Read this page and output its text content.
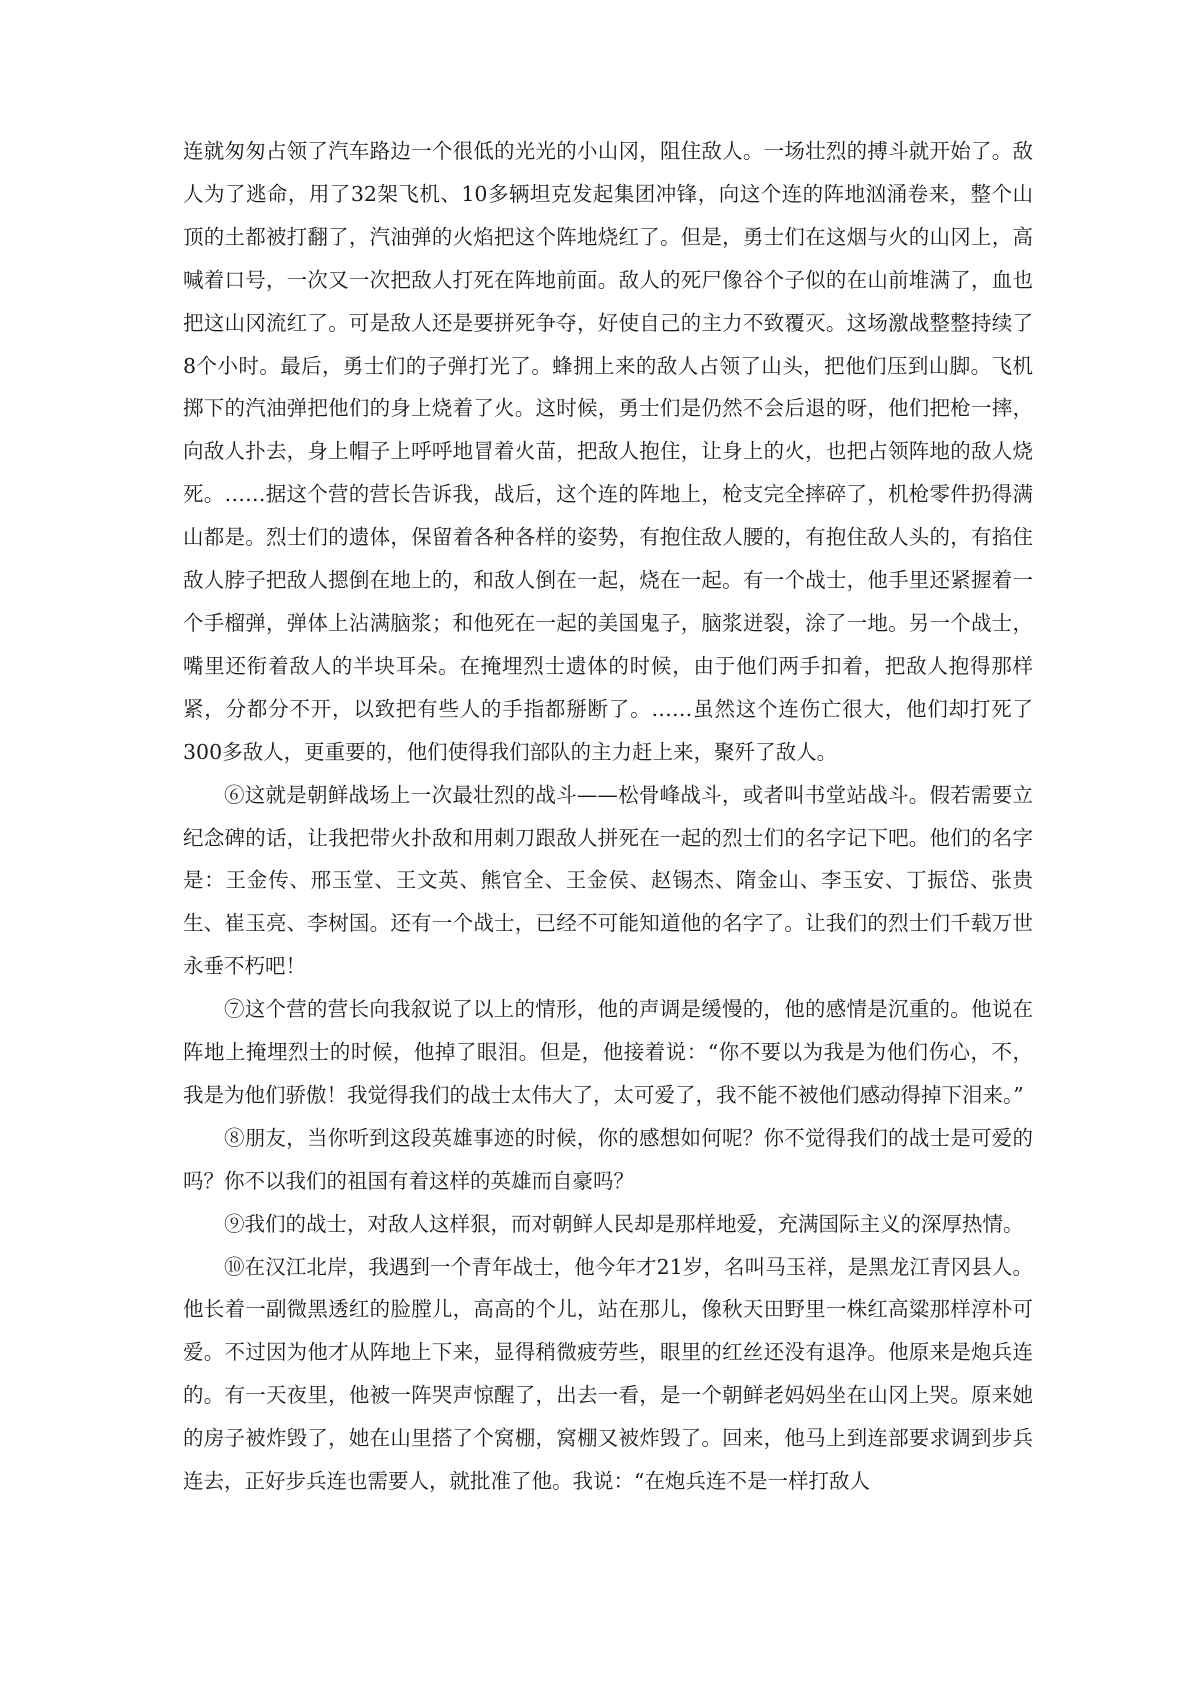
连就匆匆占领了汽车路边一个很低的光光的小山冈，阻住敌人。一场壮烈的搏斗就开始了。敌人为了逃命，用了32架飞机、10多辆坦克发起集团冲锋，向这个连的阵地汹涌卷来，整个山顶的土都被打翻了，汽油弹的火焰把这个阵地烧红了。但是，勇士们在这烟与火的山冈上，高喊着口号，一次又一次把敌人打死在阵地前面。敌人的死尸像谷个子似的在山前堆满了，血也把这山冈流红了。可是敌人还是要拼死争夺，好使自己的主力不致覆灭。这场激战整整持续了8个小时。最后，勇士们的子弹打光了。蜂拥上来的敌人占领了山头，把他们压到山脚。飞机掷下的汽油弹把他们的身上烧着了火。这时候，勇士们是仍然不会后退的呀，他们把枪一摔，向敌人扑去，身上帽子上呼呼地冒着火苗，把敌人抱住，让身上的火，也把占领阵地的敌人烧死。……据这个营的营长告诉我，战后，这个连的阵地上，枪支完全摔碎了，机枪零件扔得满山都是。烈士们的遗体，保留着各种各样的姿势，有抱住敌人腰的，有抱住敌人头的，有掐住敌人脖子把敌人摁倒在地上的，和敌人倒在一起，烧在一起。有一个战士，他手里还紧握着一个手榴弹，弹体上沾满脑浆；和他死在一起的美国鬼子，脑浆迸裂，涂了一地。另一个战士，嘴里还衔着敌人的半块耳朵。在掩埋烈士遗体的时候，由于他们两手扣着，把敌人抱得那样紧，分都分不开，以致把有些人的手指都掰断了。……虽然这个连伤亡很大，他们却打死了300多敌人，更重要的，他们使得我们部队的主力赶上来，聚歼了敌人。

⑥这就是朝鲜战场上一次最壮烈的战斗——松骨峰战斗，或者叫书堂站战斗。假若需要立纪念碑的话，让我把带火扑敌和用刺刀跟敌人拼死在一起的烈士们的名字记下吧。他们的名字是：王金传、邢玉堂、王文英、熊官全、王金侯、赵锡杰、隋金山、李玉安、丁振岱、张贵生、崔玉亮、李树国。还有一个战士，已经不可能知道他的名字了。让我们的烈士们千载万世永垂不朽吧！

⑦这个营的营长向我叙说了以上的情形，他的声调是缓慢的，他的感情是沉重的。他说在阵地上掩埋烈士的时候，他掉了眼泪。但是，他接着说：“你不要以为我是为他们伤心，不，我是为他们骄傲！我觉得我们的战士太伟大了，太可爱了，我不能不被他们感动得掉下泪来。”

⑧朋友，当你听到这段英雄事迹的时候，你的感想如何呢？你不觉得我们的战士是可爱的吗？你不以我们的祖国有着这样的英雄而自豪吗？

⑨我们的战士，对敌人这样狠，而对朝鲜人民却是那样地爱，充满国际主义的深厚热情。

⑩在汉江北岸，我遇到一个青年战士，他今年才21岁，名叫马玉祥，是黑龙江青冈县人。他长着一副微黑透红的脸膛儿，高高的个儿，站在那儿，像秋天田野里一株红高粱那样淳朴可爱。不过因为他才从阵地上下来，显得稍微疲劳些，眼里的红丝还没有退净。他原来是炮兵连的。有一天夜里，他被一阵哭声惊醒了，出去一看，是一个朝鲜老妈妈坐在山冈上哭。原来她的房子被炸毁了，她在山里搭了个窝棚，窝棚又被炸毁了。回来，他马上到连部要求调到步兵连去，正好步兵连也需要人，就批准了他。我说：“在炮兵连不是一样打敌人
